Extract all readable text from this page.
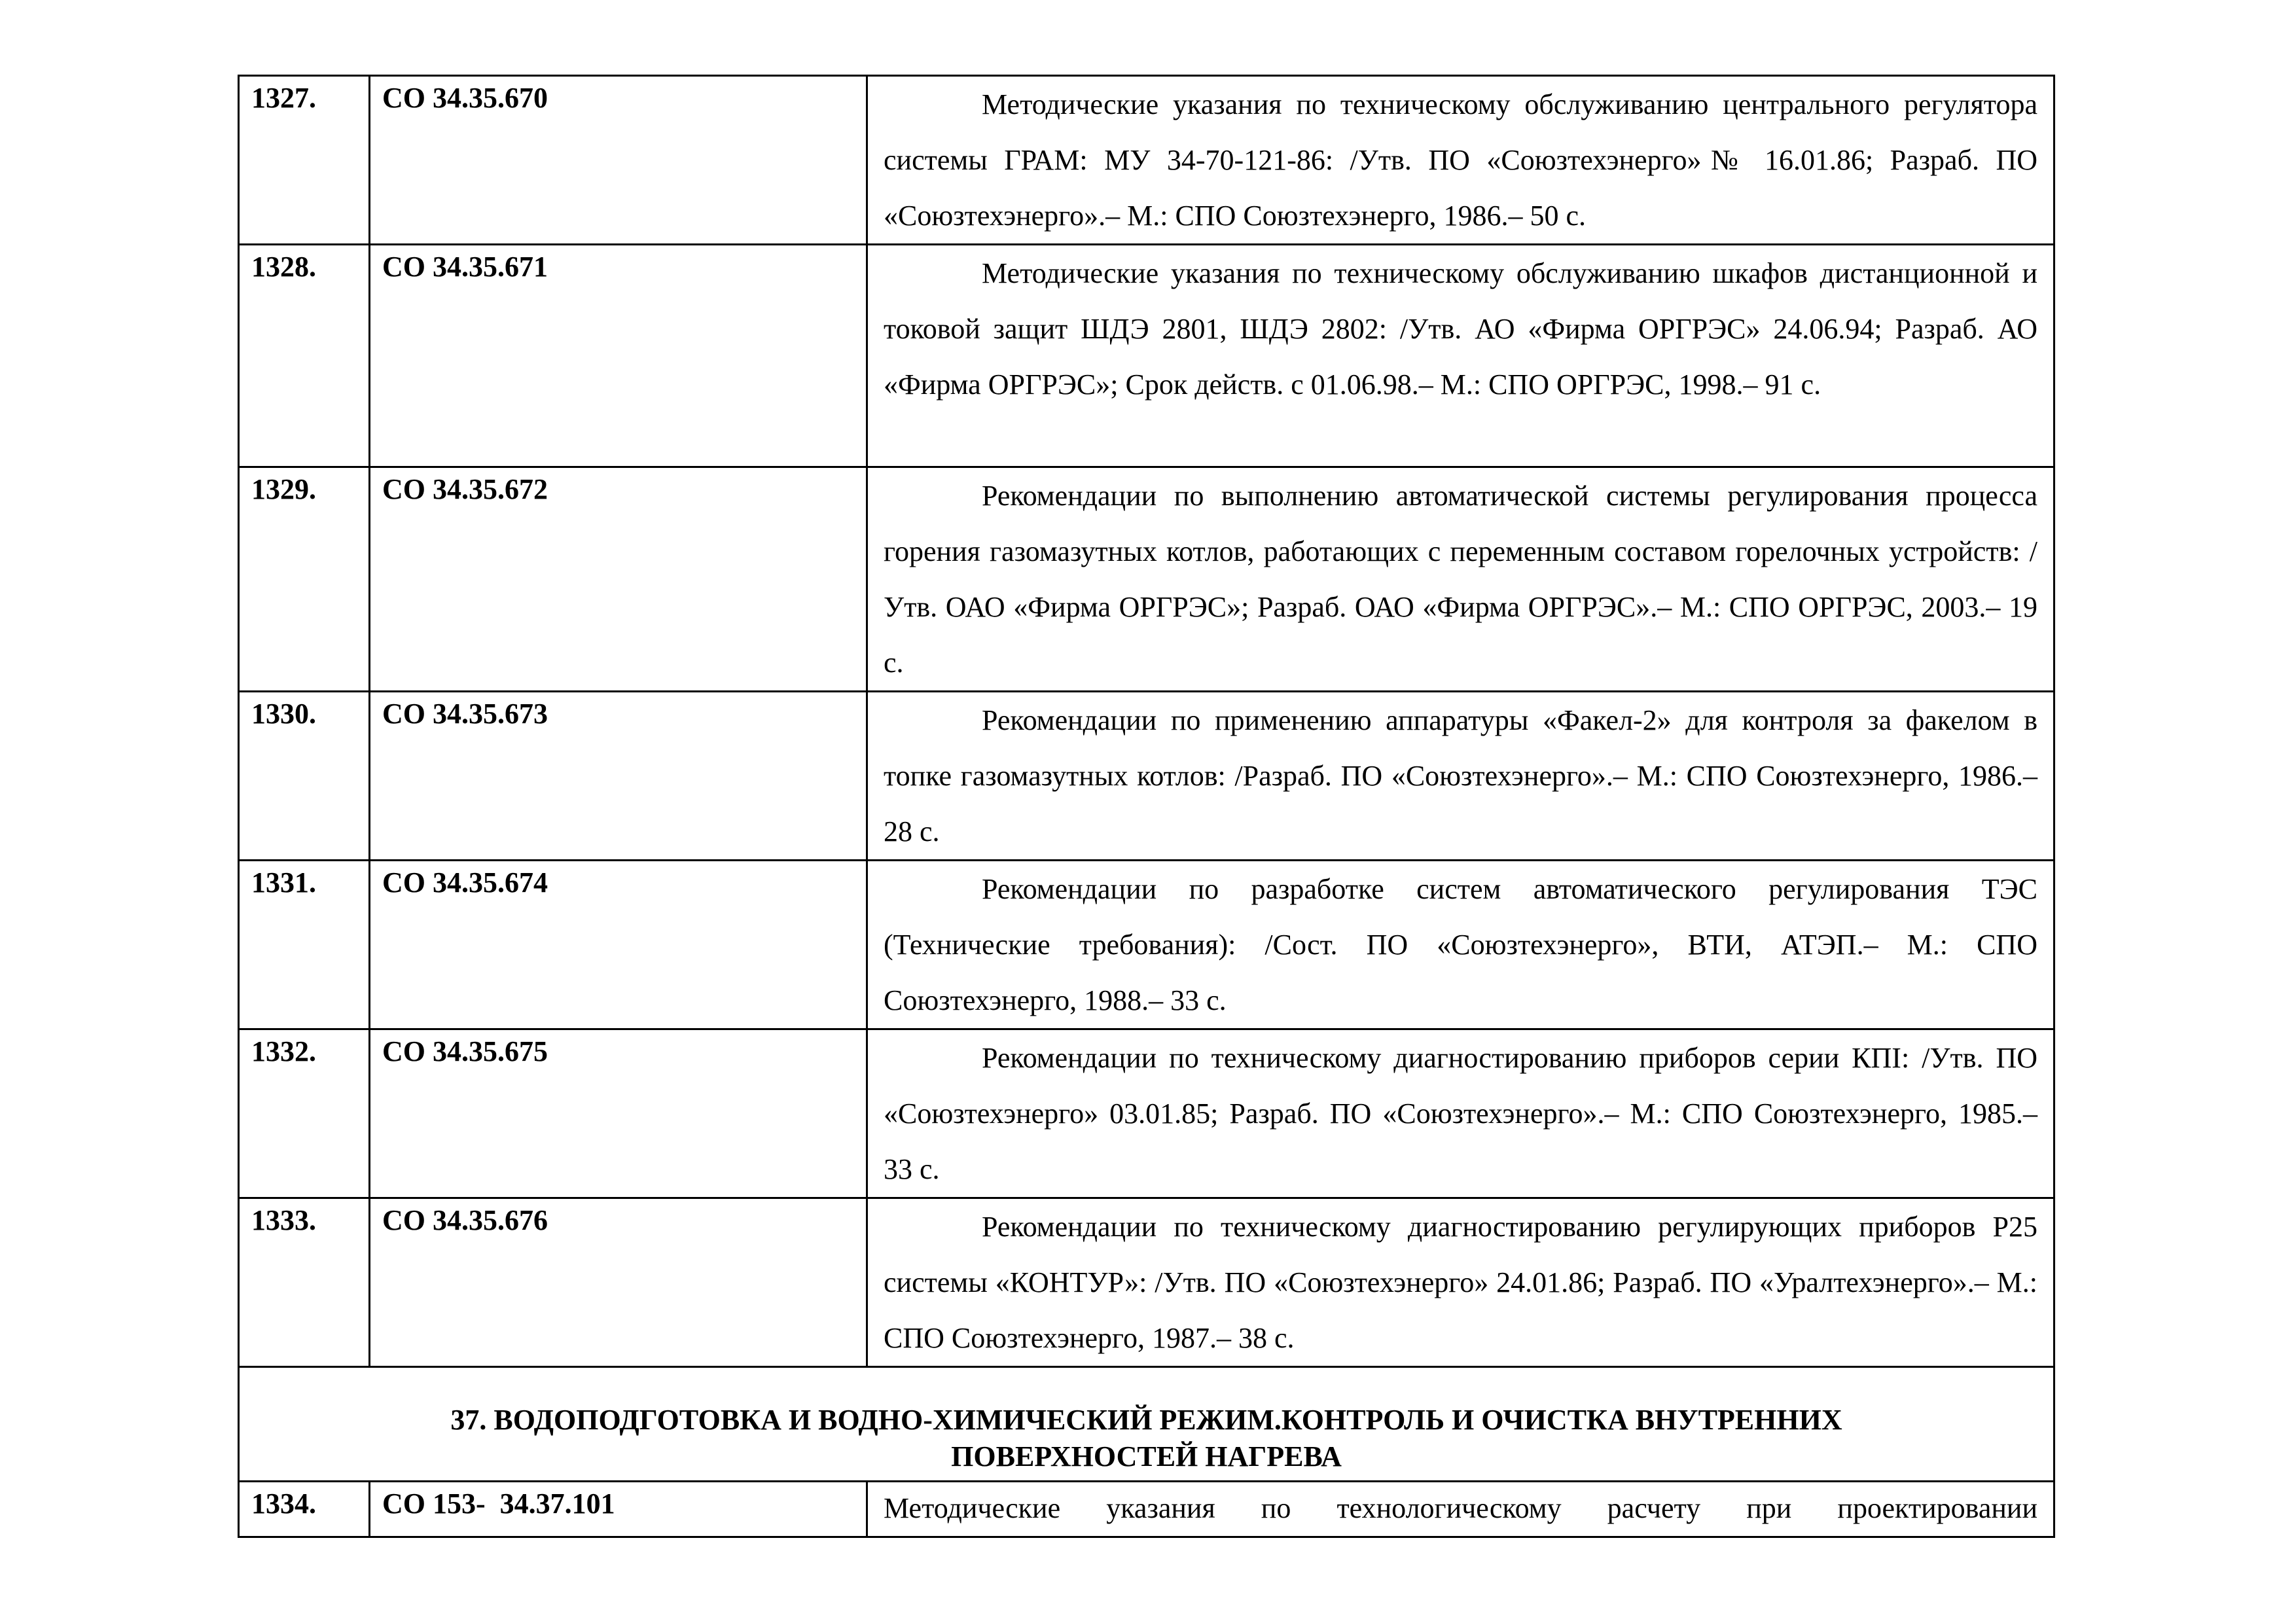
1327.	СО 34.35.670	Методические указания по техническому обслуживанию центрального регулятора системы ГРАМ: МУ 34-70-121-86: /Утв. ПО «Союзтехэнерго»№ 16.01.86; Разраб. ПО «Союзтехэнерго».– М.: СПО Союзтехэнерго, 1986.– 50 с.

1328.	СО 34.35.671	Методические указания по техническому обслуживанию шкафов дистанционной и токовой защит ШДЭ 2801, ШДЭ 2802: /Утв. АО «Фирма ОРГРЭС» 24.06.94; Разраб. АО «Фирма ОРГРЭС»; Срок действ. с 01.06.98.– М.: СПО ОРГРЭС, 1998.– 91 с.

1329.	СО 34.35.672	Рекомендации по выполнению автоматической системы регулирования процесса горения газомазутных котлов, работающих с переменным составом горелочных устройств: /Утв. ОАО «Фирма ОРГРЭС»; Разраб. ОАО «Фирма ОРГРЭС».– М.: СПО ОРГРЭС, 2003.– 19 с.

1330.	СО 34.35.673	Рекомендации по применению аппаратуры «Факел-2» для контроля за факелом в топке газомазутных котлов: /Разраб. ПО «Союзтехэнерго».– М.: СПО Союзтехэнерго, 1986.– 28 с.

1331.	СО 34.35.674	Рекомендации по разработке систем автоматического регулирования ТЭС (Технические требования): /Сост. ПО «Союзтехэнерго», ВТИ, АТЭП.– М.: СПО Союзтехэнерго, 1988.– 33 с.

1332.	СО 34.35.675	Рекомендации по техническому диагностированию приборов серии КПІ: /Утв. ПО «Союзтехэнерго» 03.01.85; Разраб. ПО «Союзтехэнерго».– М.: СПО Союзтехэнерго, 1985.– 33 с.

1333.	СО 34.35.676	Рекомендации по техническому диагностированию регулирующих приборов Р25 системы «КОНТУР»: /Утв. ПО «Союзтехэнерго» 24.01.86; Разраб. ПО «Уралтехэнерго».– М.: СПО Союзтехэнерго, 1987.– 38 с.

37. ВОДОПОДГОТОВКА И ВОДНО-ХИМИЧЕСКИЙ РЕЖИМ.КОНТРОЛЬ И ОЧИСТКА ВНУТРЕННИХ ПОВЕРХНОСТЕЙ НАГРЕВА		

1334.	СО 153-  34.37.101	Методические указания по технологическому расчету при проектировании
